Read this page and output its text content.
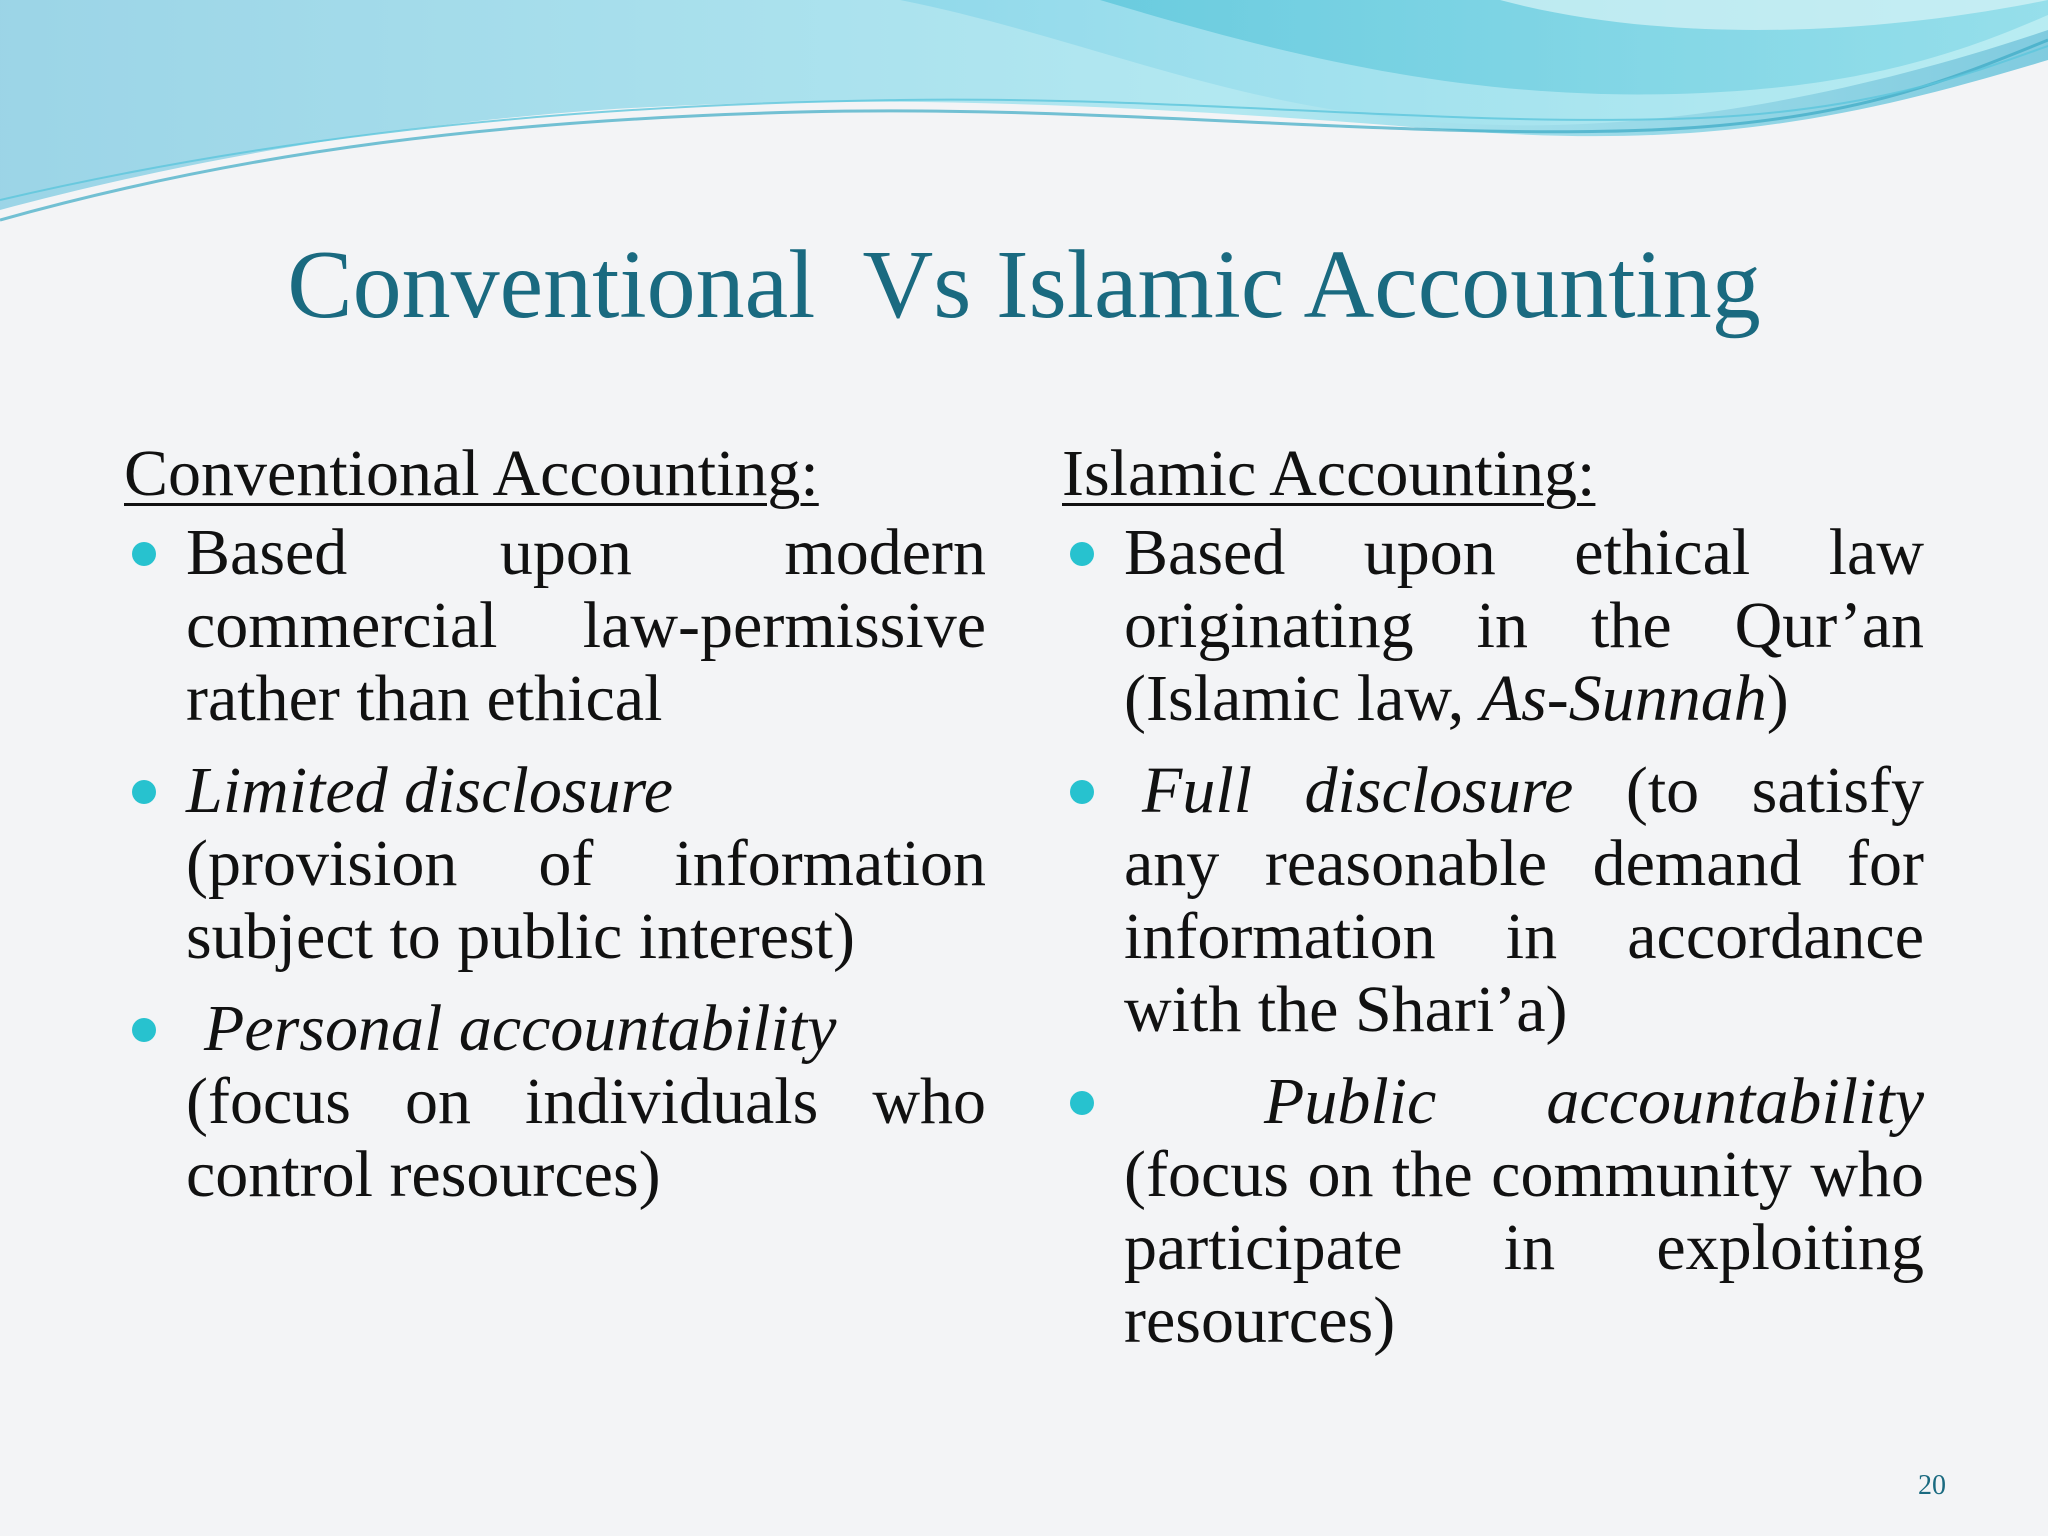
Conventional  Vs Islamic Accounting
Conventional Accounting:
Based upon modern commercial law-permissive rather than ethical
Limited disclosure
(provision of information subject to public interest)
Personal accountability
(focus on individuals who control resources)
Islamic Accounting:
Based upon ethical law originating in the Qur’an (Islamic law, As-Sunnah)
Full disclosure (to satisfy any reasonable demand for information in accordance with the Shari’a)
Public accountability (focus on the community who participate in exploiting resources)
20
